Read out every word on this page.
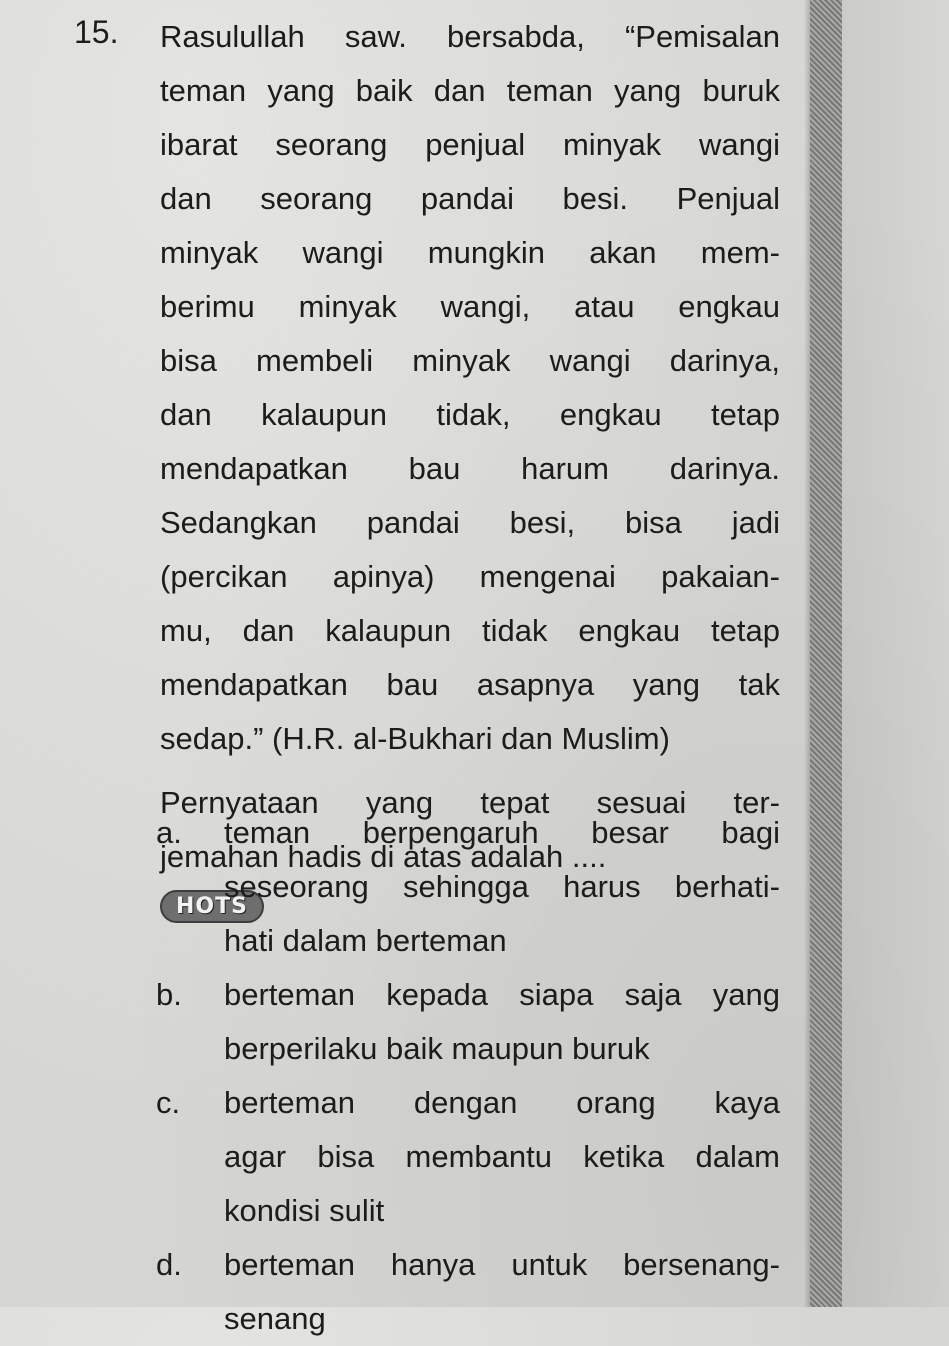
15. Rasulullah saw. bersabda, “Pemisalan
teman yang baik dan teman yang buruk
ibarat seorang penjual minyak wangi
dan seorang pandai besi. Penjual
minyak wangi mungkin akan mem-
berimu minyak wangi, atau engkau
bisa membeli minyak wangi darinya,
dan kalaupun tidak, engkau tetap
mendapatkan bau harum darinya.
Sedangkan pandai besi, bisa jadi
(percikan apinya) mengenai pakaian-
mu, dan kalaupun tidak engkau tetap
mendapatkan bau asapnya yang tak
sedap.” (H.R. al-Bukhari dan Muslim)
Pernyataan yang tepat sesuai ter-
jemahan hadis di atas adalah ....
HOTS
a. teman berpengaruh besar bagi
seseorang sehingga harus berhati-
hati dalam berteman
b. berteman kepada siapa saja yang
berperilaku baik maupun buruk
c. berteman dengan orang kaya
agar bisa membantu ketika dalam
kondisi sulit
d. berteman hanya untuk bersenang-
senang
